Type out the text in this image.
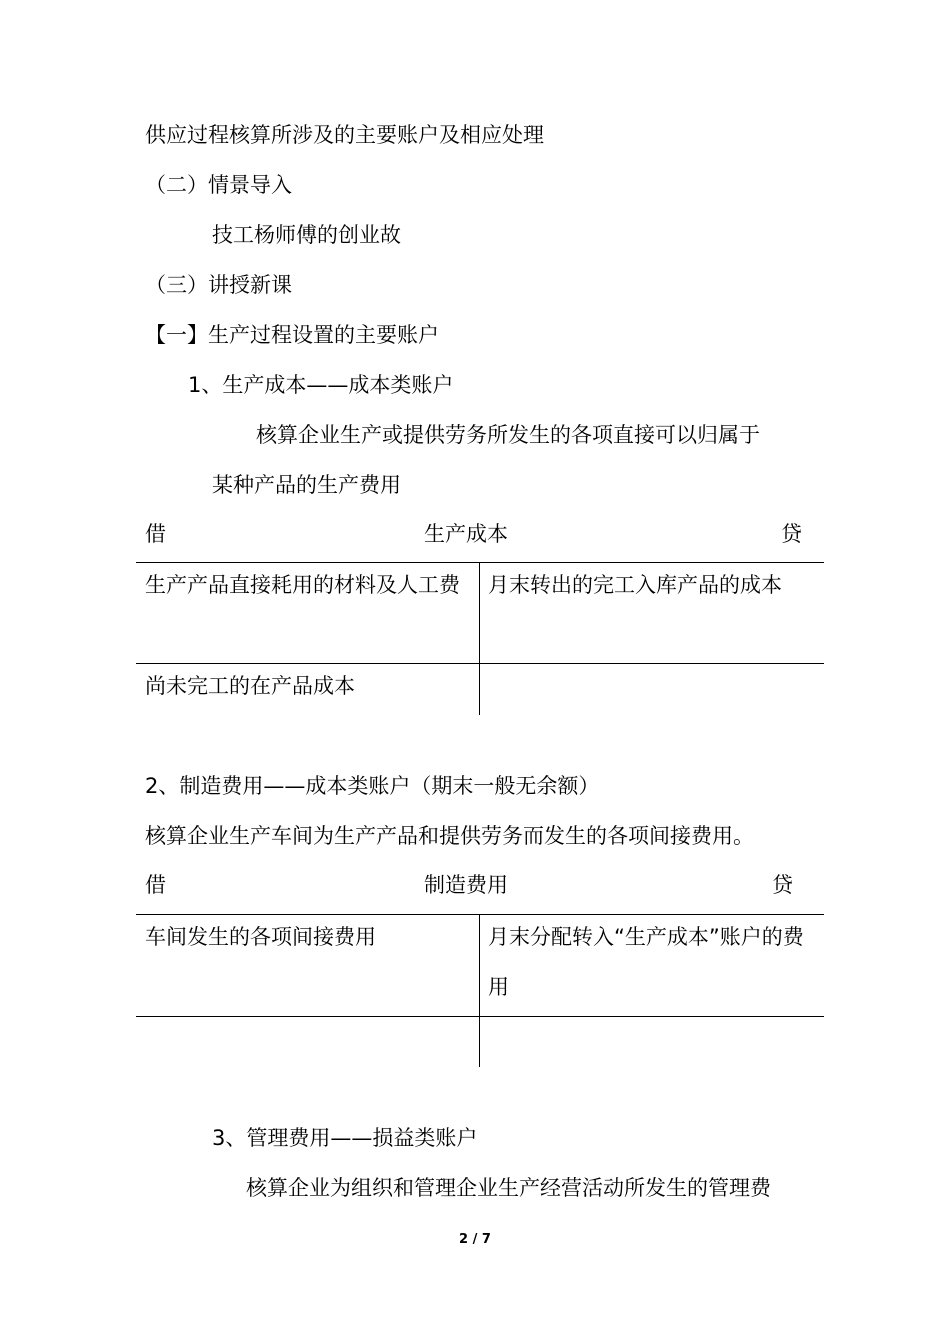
供应过程核算所涉及的主要账户及相应处理
（二）情景导入
技工杨师傅的创业故
（三）讲授新课
【一】生产过程设置的主要账户
1、生产成本——成本类账户
核算企业生产或提供劳务所发生的各项直接可以归属于
某种产品的生产费用
借	生产成本	贷
生产产品直接耗用的材料及人工费	月末转出的完工入库产品的成本
尚未完工的在产品成本
2、制造费用——成本类账户（期末一般无余额）
核算企业生产车间为生产产品和提供劳务而发生的各项间接费用。
借	制造费用	贷
车间发生的各项间接费用	月末分配转入“生产成本”账户的费用
3、管理费用——损益类账户
核算企业为组织和管理企业生产经营活动所发生的管理费
2 / 7
